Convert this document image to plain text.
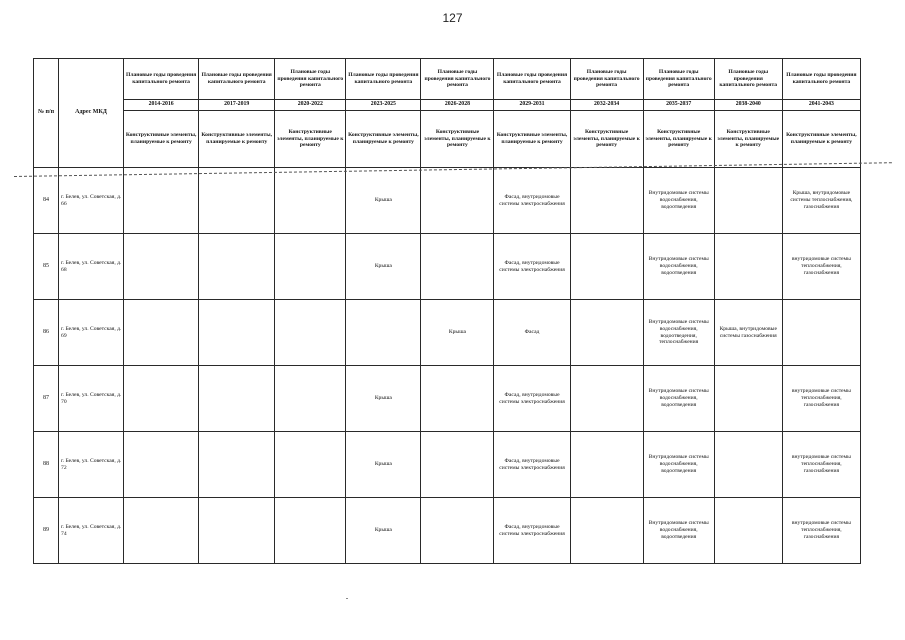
127
№ п/п	Адрес МКД	Плановые годы проведения капитального ремонта	Плановые годы проведения капитального ремонта	Плановые годы проведения капитального ремонта	Плановые годы проведения капитального ремонта	Плановые годы проведения капитального ремонта	Плановые годы проведения капитального ремонта	Плановые годы проведения капитального ремонта	Плановые годы проведения капитального ремонта	Плановые годы проведения капитального ремонта	Плановые годы проведения капитального ремонта
		2014-2016	2017-2019	2020-2022	2023-2025	2026-2028	2029-2031	2032-2034	2035-2037	2038-2040	2041-2043
		Конструктивные элементы, планируемые к ремонту	Конструктивные элементы, планируемые к ремонту	Конструктивные элементы, планируемые к ремонту	Конструктивные элементы, планируемые к ремонту	Конструктивные элементы, планируемые к ремонту	Конструктивные элементы, планируемые к ремонту	Конструктивные элементы, планируемые к ремонту	Конструктивные элементы, планируемые к ремонту	Конструктивные элементы, планируемые к ремонту	Конструктивные элементы, планируемые к ремонту
84	г. Белев, ул. Советская, д. 66				Крыша		Фасад, внутридомовые системы электроснабжения		Внутридомовые системы водоснабжения, водоотведения		Крыша, внутридомовые системы теплоснабжения, газоснабжения
85	г. Белев, ул. Советская, д. 68				Крыша		Фасад, внутридомовые системы электроснабжения		Внутридомовые системы водоснабжения, водоотведения		внутридомовые системы теплоснабжения, газоснабжения
86	г. Белев, ул. Советская, д. 69					Крыша	Фасад		Внутридомовые системы водоснабжения, водоотведения, теплоснабжения	Крыша, внутридомовые системы газоснабжения	
87	г. Белев, ул. Советская, д. 70				Крыша		Фасад, внутридомовые системы электроснабжения		Внутридомовые системы водоснабжения, водоотведения		внутридомовые системы теплоснабжения, газоснабжения
88	г. Белев, ул. Советская, д. 72				Крыша		Фасад, внутридомовые системы электроснабжения		Внутридомовые системы водоснабжения, водоотведения		внутридомовые системы теплоснабжения, газоснабжения
89	г. Белев, ул. Советская, д. 74				Крыша		Фасад, внутридомовые системы электроснабжения		Внутридомовые системы водоснабжения, водоотведения		внутридомовые системы теплоснабжения, газоснабжения
